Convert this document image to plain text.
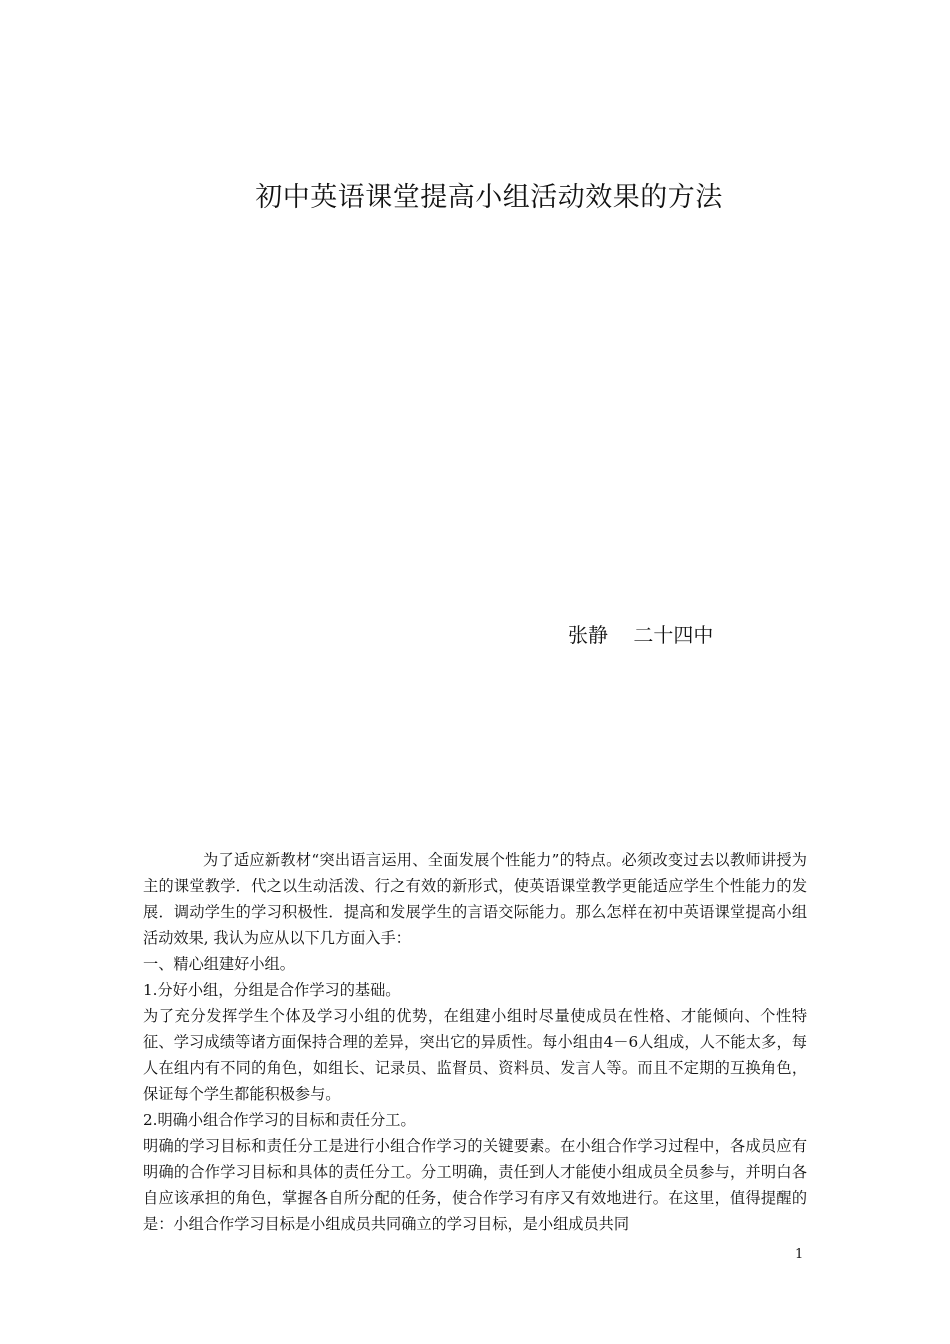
初中英语课堂提高小组活动效果的方法
张静    二十四中

为了适应新教材“突出语言运用、全面发展个性能力”的特点。必须改变过去以教师讲授为主的课堂教学．代之以生动活泼、行之有效的新形式，使英语课堂教学更能适应学生个性能力的发展．调动学生的学习积极性．提高和发展学生的言语交际能力。那么怎样在初中英语课堂提高小组活动效果, 我认为应从以下几方面入手：

一、精心组建好小组。

1.分好小组，分组是合作学习的基础。

为了充分发挥学生个体及学习小组的优势，在组建小组时尽量使成员在性格、才能倾向、个性特征、学习成绩等诸方面保持合理的差异，突出它的异质性。每小组由4－6人组成，人不能太多，每人在组内有不同的角色，如组长、记录员、监督员、资料员、发言人等。而且不定期的互换角色，保证每个学生都能积极参与。

2.明确小组合作学习的目标和责任分工。

明确的学习目标和责任分工是进行小组合作学习的关键要素。在小组合作学习过程中，各成员应有明确的合作学习目标和具体的责任分工。分工明确，责任到人才能使小组成员全员参与，并明白各自应该承担的角色，掌握各自所分配的任务，使合作学习有序又有效地进行。在这里，值得提醒的是：小组合作学习目标是小组成员共同确立的学习目标，是小组成员共同

1
